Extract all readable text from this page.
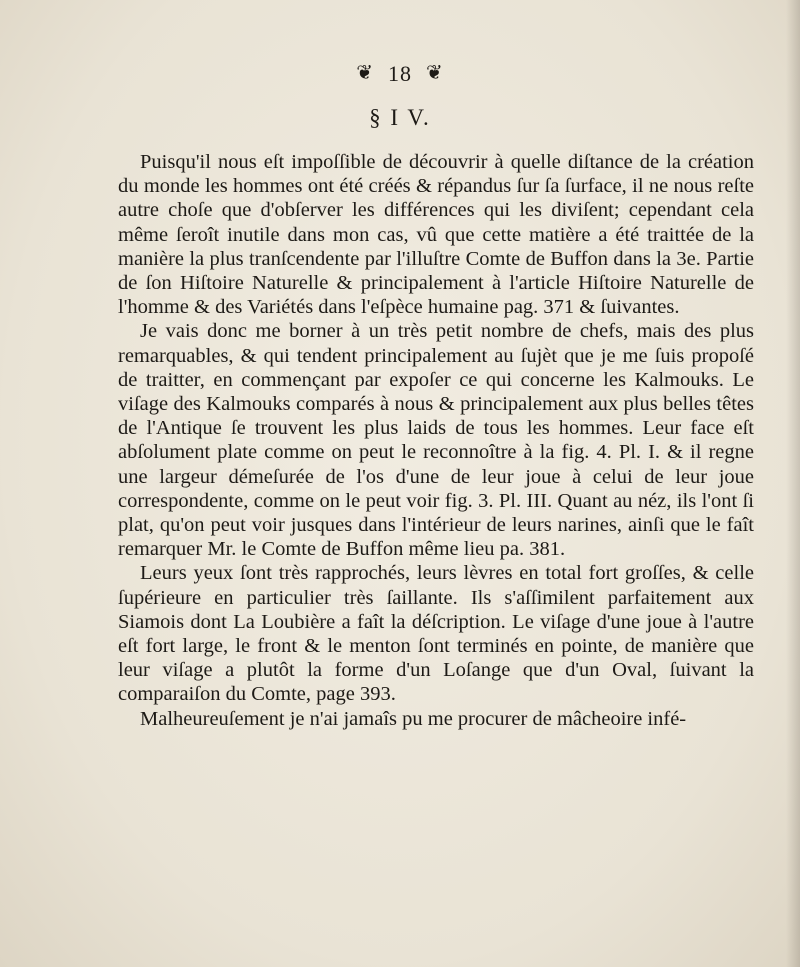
❦ 18 ❦
§ I V.

Puisqu'il nous eſt impoſſible de découvrir à quelle diſtance de la création du monde les hommes ont été créés & répandus ſur ſa ſurface, il ne nous reſte autre choſe que d'obſerver les différences qui les diviſent; cependant cela même ſeroît inutile dans mon cas, vû que cette matière a été traittée de la manière la plus tranſcendente par l'illuſtre Comte de Buffon dans la 3e. Partie de ſon Hiſtoire Naturelle & principalement à l'article Hiſtoire Naturelle de l'homme & des Variétés dans l'eſpèce humaine pag. 371 & ſuivantes.

Je vais donc me borner à un très petit nombre de chefs, mais des plus remarquables, & qui tendent principalement au ſujèt que je me ſuis propoſé de traitter, en commençant par expoſer ce qui concerne les Kalmouks. Le viſage des Kalmouks comparés à nous & principalement aux plus belles têtes de l'Antique ſe trouvent les plus laids de tous les hommes. Leur face eſt abſolument plate comme on peut le reconnoître à la fig. 4. Pl. I. & il regne une largeur démeſurée de l'os d'une de leur joue à celui de leur joue correspondente, comme on le peut voir fig. 3. Pl. III. Quant au néz, ils l'ont ſi plat, qu'on peut voir jusques dans l'intérieur de leurs narines, ainſi que le faît remarquer Mr. le Comte de Buffon même lieu pa. 381.

Leurs yeux ſont très rapprochés, leurs lèvres en total fort groſſes, & celle ſupérieure en particulier très ſaillante. Ils s'aſſimilent parfaitement aux Siamois dont La Loubière a faît la déſcription. Le viſage d'une joue à l'autre eſt fort large, le front & le menton ſont terminés en pointe, de manière que leur viſage a plutôt la forme d'un Loſange que d'un Oval, ſuivant la comparaiſon du Comte, page 393.

Malheureuſement je n'ai jamaîs pu me procurer de mâcheoire infé-
